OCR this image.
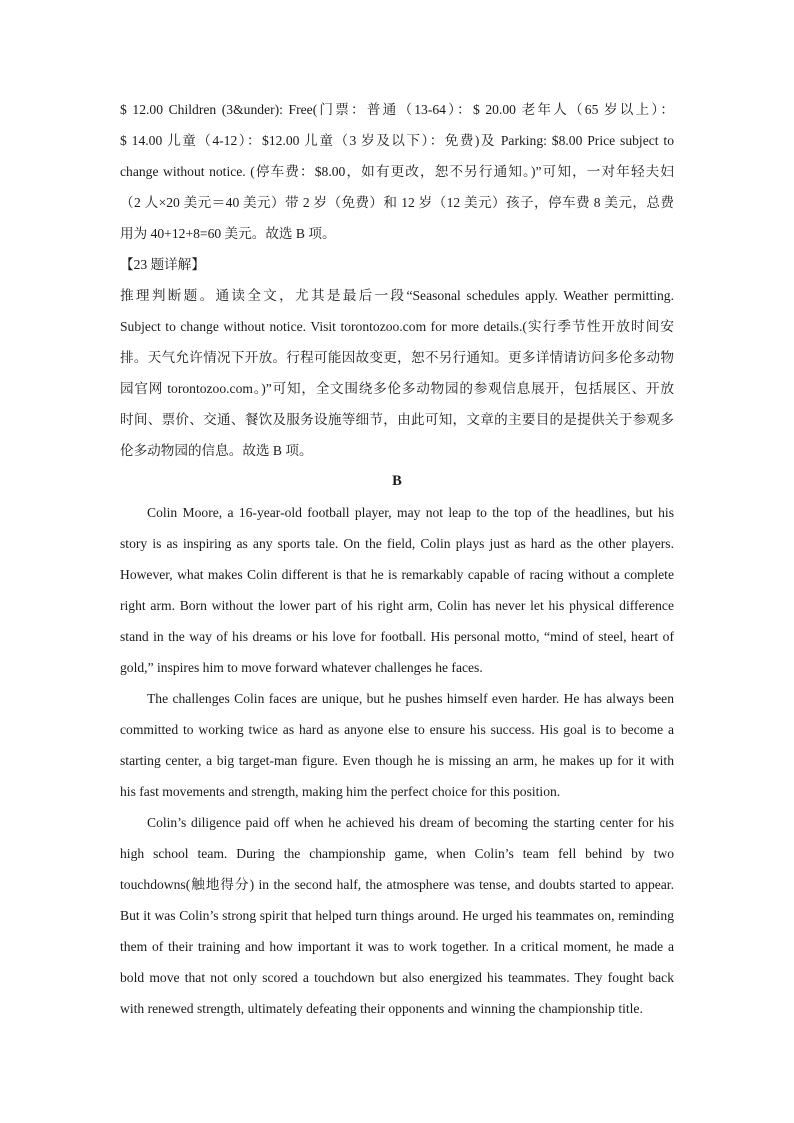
$ 12.00 Children (3&under): Free(门票：普通（13-64）：$ 20.00 老年人（65 岁以上）：
$ 14.00 儿童（4-12）：$12.00 儿童（3 岁及以下）：免费)及 Parking: $8.00 Price subject to
change without notice. (停车费：$8.00，如有更改，恕不另行通知。)”可知，一对年轻夫妇
（2 人×20 美元＝40 美元）带 2 岁（免费）和 12 岁（12 美元）孩子，停车费 8 美元，总费
用为 40+12+8=60 美元。故选 B 项。
【23 题详解】
推理判断题。通读全文，尤其是最后一段“Seasonal schedules apply. Weather permitting.
Subject to change without notice. Visit torontozoo.com for more details.(实行季节性开放时间安
排。天气允许情况下开放。行程可能因故变更，恕不另行通知。更多详情请访问多伦多动物
园官网 torontozoo.com。)”可知，全文围绕多伦多动物园的参观信息展开，包括展区、开放
时间、票价、交通、餐饮及服务设施等细节，由此可知，文章的主要目的是提供关于参观多
伦多动物园的信息。故选 B 项。
B
Colin Moore, a 16-year-old football player, may not leap to the top of the headlines, but his
story is as inspiring as any sports tale. On the field, Colin plays just as hard as the other players.
However, what makes Colin different is that he is remarkably capable of racing without a complete
right arm. Born without the lower part of his right arm, Colin has never let his physical difference
stand in the way of his dreams or his love for football. His personal motto, “mind of steel, heart of
gold,” inspires him to move forward whatever challenges he faces.
The challenges Colin faces are unique, but he pushes himself even harder. He has always been
committed to working twice as hard as anyone else to ensure his success. His goal is to become a
starting center, a big target-man figure. Even though he is missing an arm, he makes up for it with
his fast movements and strength, making him the perfect choice for this position.
Colin’s diligence paid off when he achieved his dream of becoming the starting center for his
high school team. During the championship game, when Colin’s team fell behind by two
touchdowns(触地得分) in the second half, the atmosphere was tense, and doubts started to appear.
But it was Colin’s strong spirit that helped turn things around. He urged his teammates on, reminding
them of their training and how important it was to work together. In a critical moment, he made a
bold move that not only scored a touchdown but also energized his teammates. They fought back
with renewed strength, ultimately defeating their opponents and winning the championship title.
